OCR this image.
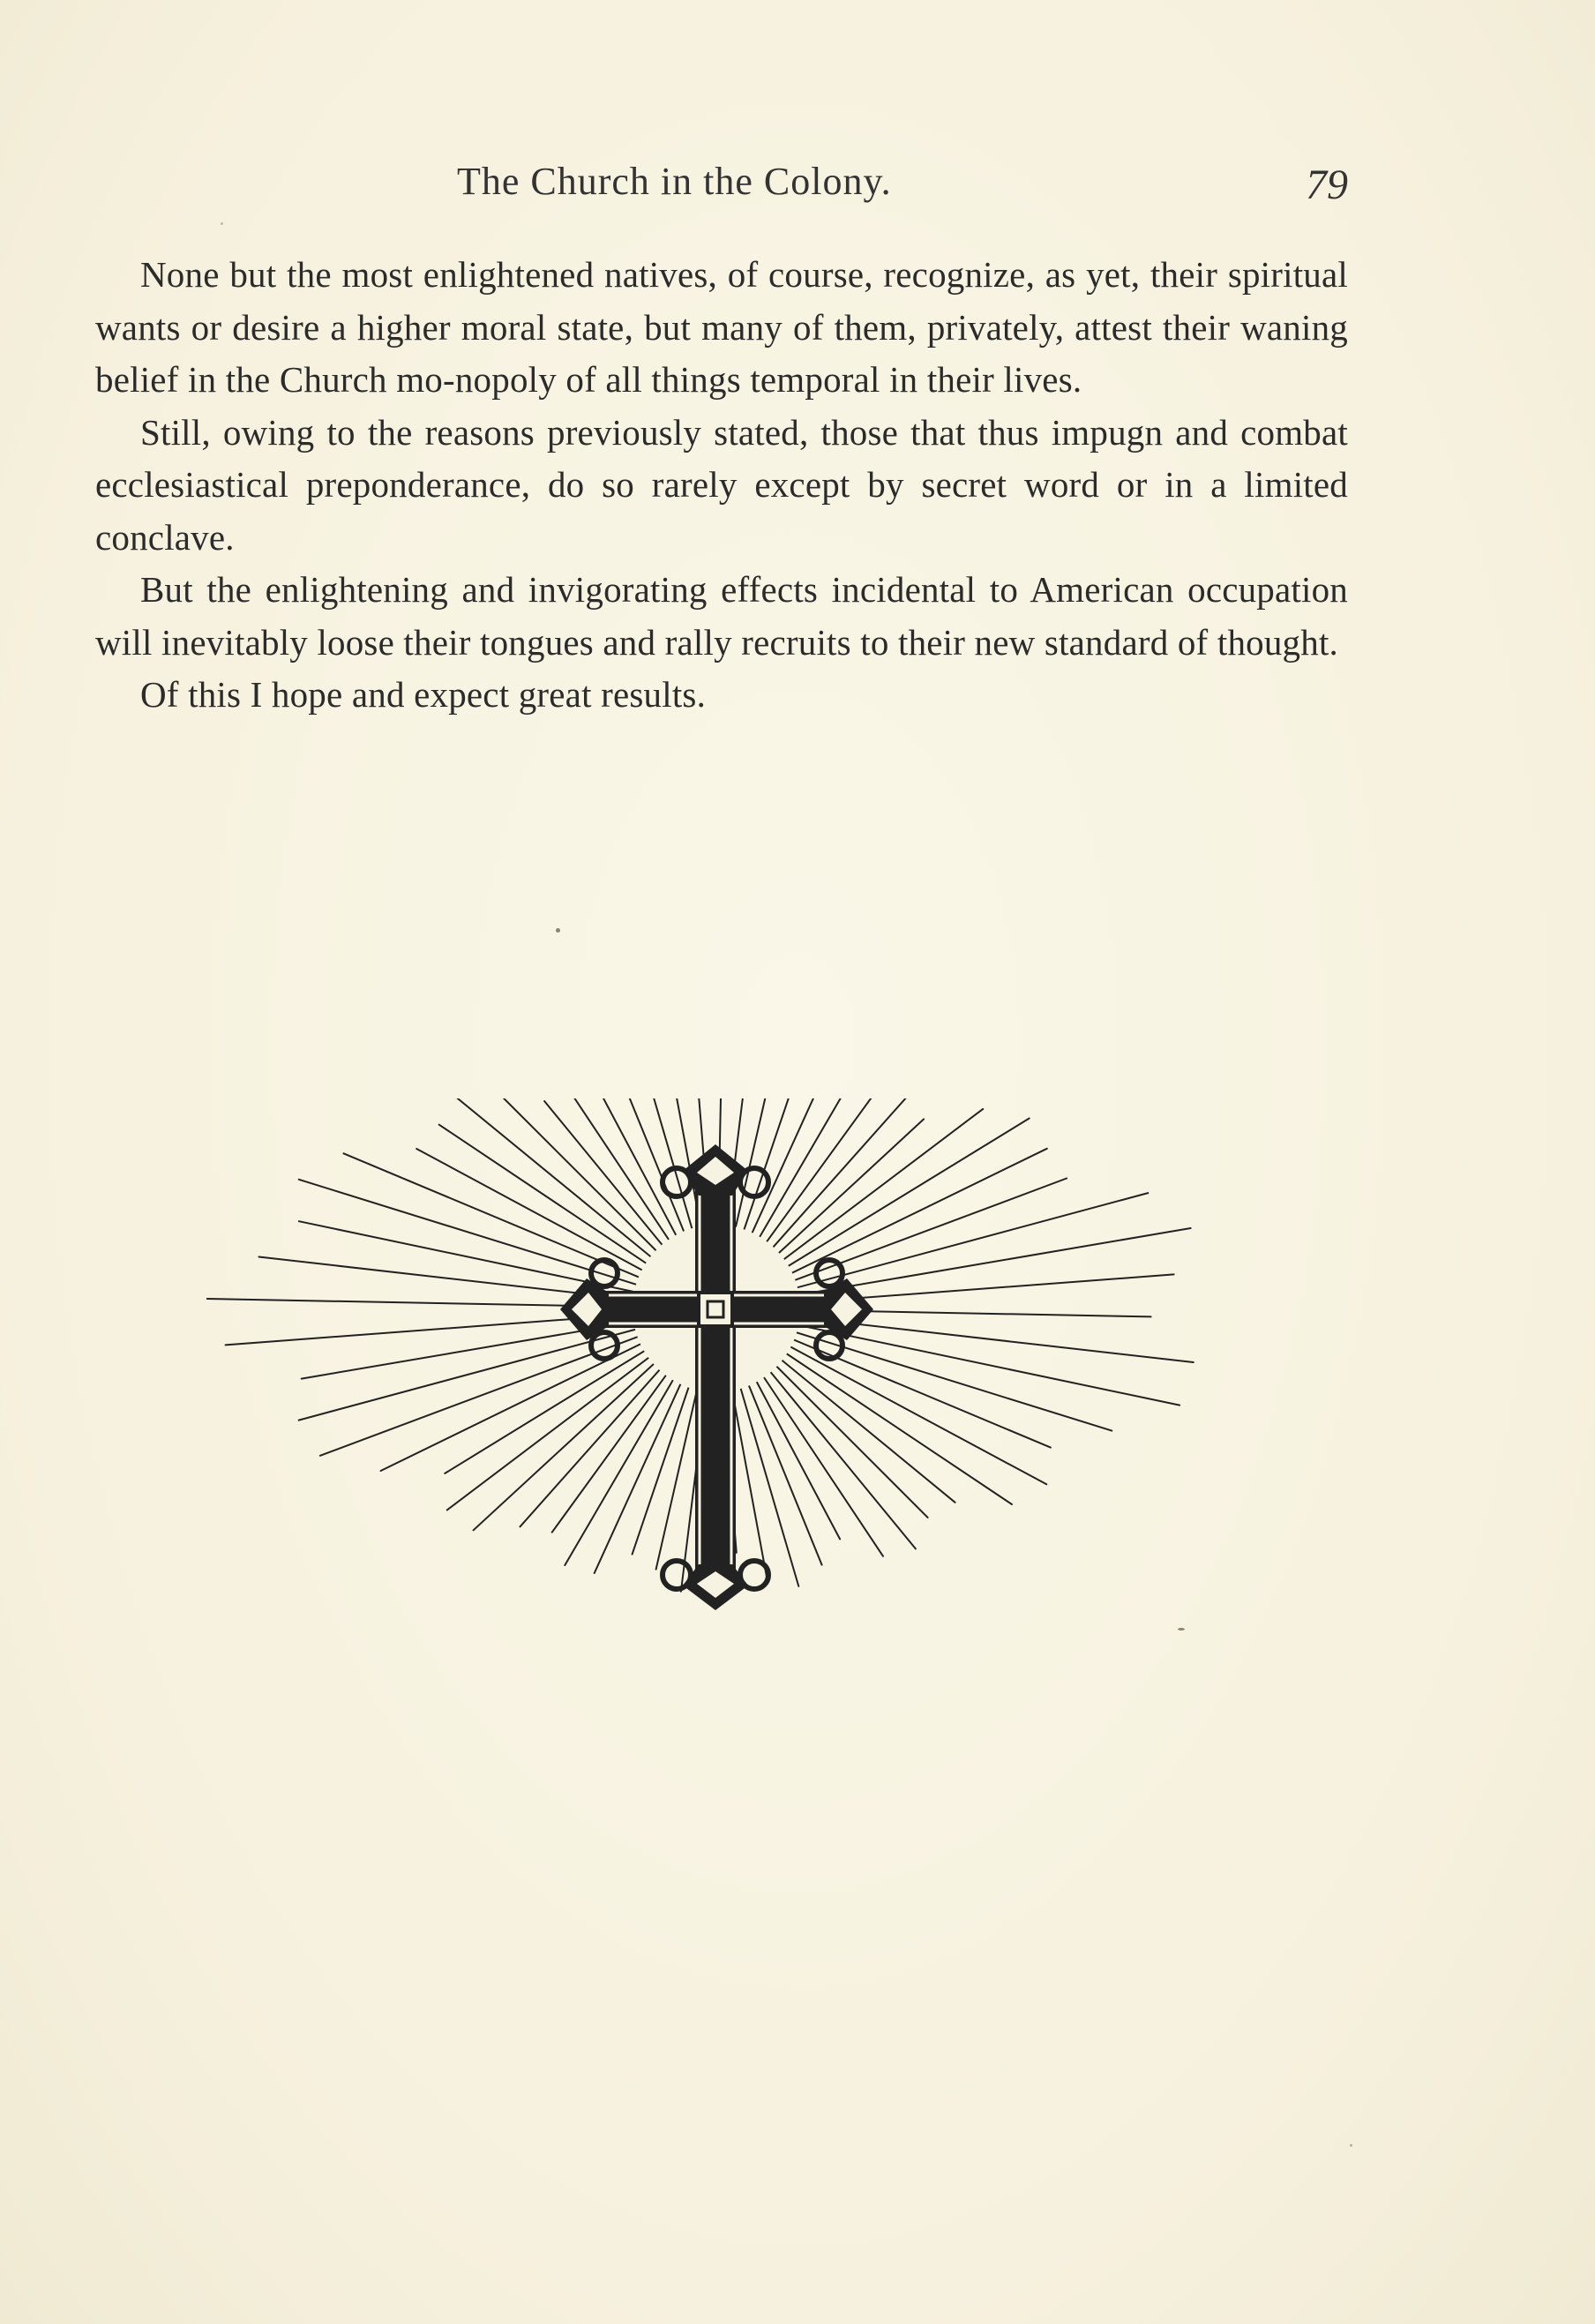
The Church in the Colony.	79

None but the most enlightened natives, of course, recognize, as yet, their spiritual wants or desire a higher moral state, but many of them, privately, attest their waning belief in the Church mo-nopoly of all things temporal in their lives.

Still, owing to the reasons previously stated, those that thus impugn and combat ecclesiastical preponderance, do so rarely except by secret word or in a limited conclave.

But the enlightening and invigorating effects incidental to American occupation will inevitably loose their tongues and rally recruits to their new standard of thought.

Of this I hope and expect great results.
